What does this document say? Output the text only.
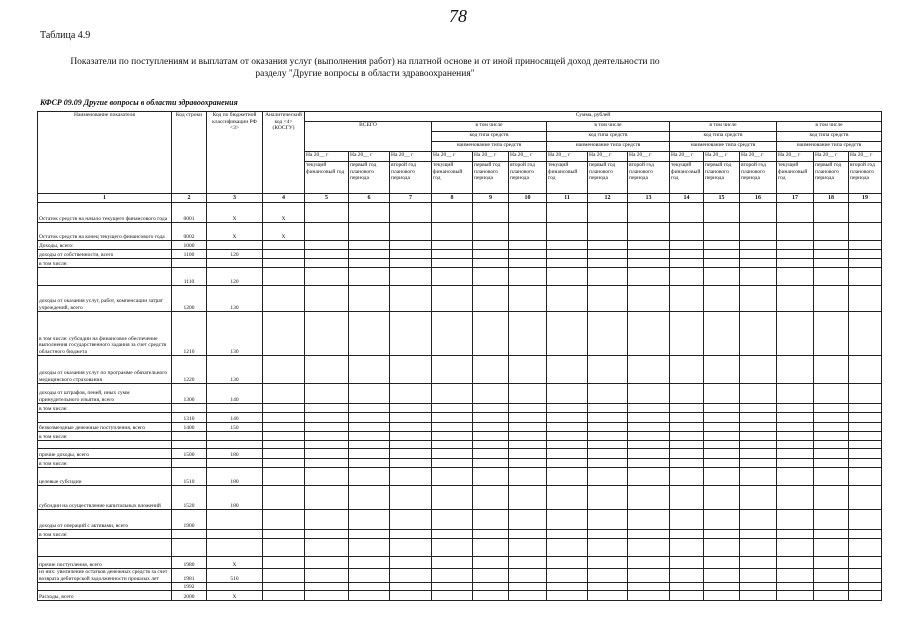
78
Таблица 4.9
Показатели по поступлениям и выплатам от оказания услуг (выполнения работ) на платной основе и от иной приносящей доход деятельности по
разделу "Другие вопросы в области здравоохранения"
КФСР 09.09 Другие вопросы в области здравоохранения
Наименование показателя	Код строки	Код по бюджетной классификации РФ <3>	Аналитический код <4> (КОСГУ)	Сумма, рублей														
				ВСЕГО			в том числе			в том числе			в том числе			в том числе		
							код типа средств			код типа средств			код типа средств			код типа средств		
							наименование типа средств			наименование типа средств			наименование типа средств			наименование типа средств		
				На 20__ г	На 20__ г	На 20__ г	На 20__ г	На 20__ г	На 20__ г	На 20__ г	На 20__ г	На 20__ г	На 20__ г	На 20__ г	На 20__ г	На 20__ г	На 20__ г	На 20__ г
				текущий финансовый год	первый год планового периода	второй год планового периода	текущий финансовый год	первый год планового периода	второй год планового периода	текущий финансовый год	первый год планового периода	второй год планового периода	текущий финансовый год	первый год планового периода	второй год планового периода	текущий финансовый год	первый год планового периода	второй год планового периода
1	2	3	4	5	6	7	8	9	10	11	12	13	14	15	16	17	18	19
Остаток средств на начало текущего финансового года	0001	X	X															
Остаток средств на конец текущего финансового года	0002	X	X															
Доходы, всего:	1000																	
доходы от собственности, всего	1100	120																
в том числе:																		
	1110	120																
доходы от оказания услуг, работ, компенсации затрат учреждений, всего	1200	130																
в том числе: субсидии на финансовое обеспечение выполнения государственного задания за счет средств областного бюджета	1210	130																
доходы от оказания услуг по программе обязательного медицинского страхования	1220	130																
доходы от штрафов, пеней, иных сумм принудительного изъятия, всего	1300	140																
в том числе:																		
	1310	140																
безвозмездные денежные поступления, всего	1400	150																
в том числе:																		

прочие доходы, всего	1500	180																
в том числе:																		
целевые субсидии	1510	180																
субсидии на осуществление капитальных вложений	1520	180																
доходы от операций с активами, всего	1900																	
в том числе:																		

прочие поступления, всего	1980	X																
из них: увеличение остатков денежных средств за счет возврата дебиторской задолженности прошлых лет	1981	510																
	1992																	
Расходы, всего	2000	X																
